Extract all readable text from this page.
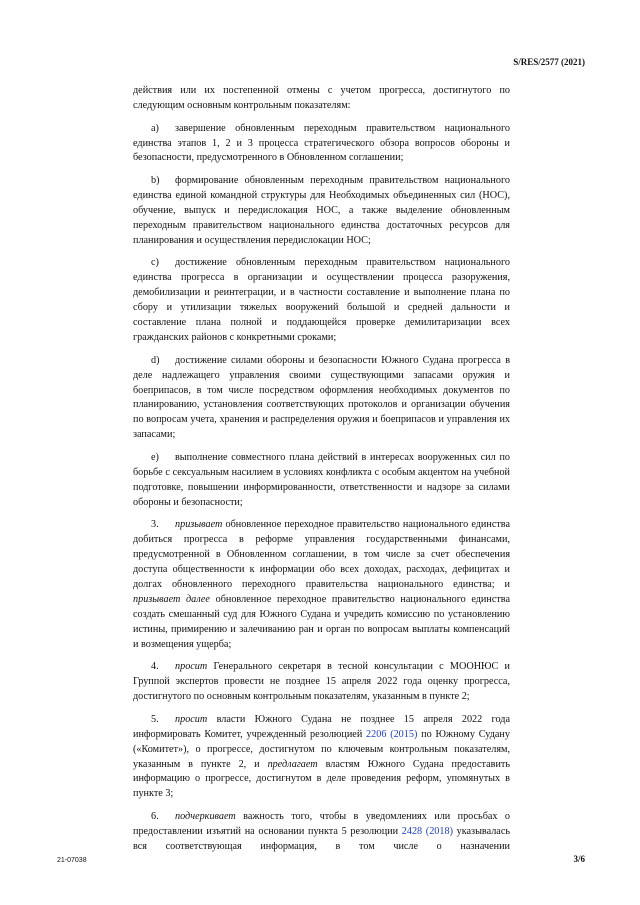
S/RES/2577 (2021)

действия или их постепенной отмены с учетом прогресса, достигнутого по следующим основным контрольным показателям:

a) завершение обновленным переходным правительством национального единства этапов 1, 2 и 3 процесса стратегического обзора вопросов обороны и безопасности, предусмотренного в Обновленном соглашении;

b) формирование обновленным переходным правительством национального единства единой командной структуры для Необходимых объединенных сил (НОС), обучение, выпуск и передислокация НОС, а также выделение обновленным переходным правительством национального единства достаточных ресурсов для планирования и осуществления передислокации НОС;

c) достижение обновленным переходным правительством национального единства прогресса в организации и осуществлении процесса разоружения, демобилизации и реинтеграции, и в частности составление и выполнение плана по сбору и утилизации тяжелых вооружений большой и средней дальности и составление плана полной и поддающейся проверке демилитаризации всех гражданских районов с конкретными сроками;

d) достижение силами обороны и безопасности Южного Судана прогресса в деле надлежащего управления своими существующими запасами оружия и боеприпасов, в том числе посредством оформления необходимых документов по планированию, установления соответствующих протоколов и организации обучения по вопросам учета, хранения и распределения оружия и боеприпасов и управления их запасами;

e) выполнение совместного плана действий в интересах вооруженных сил по борьбе с сексуальным насилием в условиях конфликта с особым акцентом на учебной подготовке, повышении информированности, ответственности и надзоре за силами обороны и безопасности;

3. призывает обновленное переходное правительство национального единства добиться прогресса в реформе управления государственными финансами, предусмотренной в Обновленном соглашении, в том числе за счет обеспечения доступа общественности к информации обо всех доходах, расходах, дефицитах и долгах обновленного переходного правительства национального единства; и призывает далее обновленное переходное правительство национального единства создать смешанный суд для Южного Судана и учредить комиссию по установлению истины, примирению и залечиванию ран и орган по вопросам выплаты компенсаций и возмещения ущерба;

4. просит Генерального секретаря в тесной консультации с МООНЮС и Группой экспертов провести не позднее 15 апреля 2022 года оценку прогресса, достигнутого по основным контрольным показателям, указанным в пункте 2;

5. просит власти Южного Судана не позднее 15 апреля 2022 года информировать Комитет, учрежденный резолюцией 2206 (2015) по Южному Судану («Комитет»), о прогрессе, достигнутом по ключевым контрольным показателям, указанным в пункте 2, и предлагает властям Южного Судана предоставить информацию о прогрессе, достигнутом в деле проведения реформ, упомянутых в пункте 3;

6. подчеркивает важность того, чтобы в уведомлениях или просьбах о предоставлении изъятий на основании пункта 5 резолюции 2428 (2018) указывалась вся соответствующая информация, в том числе о назначении

21-07038	3/6
